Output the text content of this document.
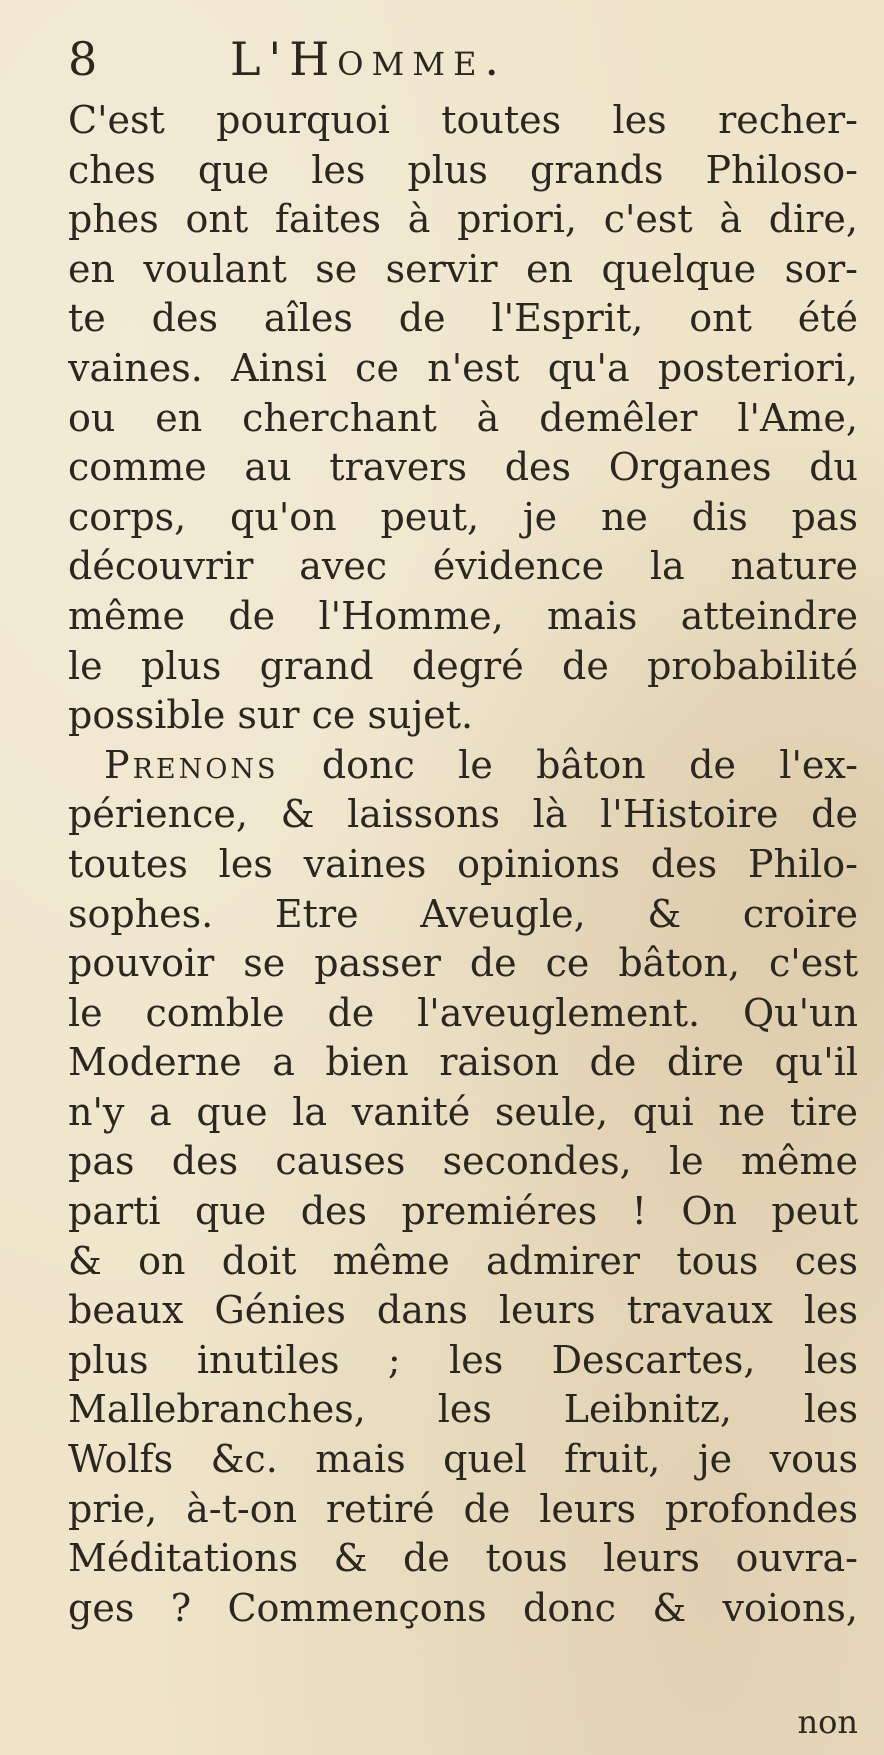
8	L'Homme.
C'est pourquoi toutes les recher-
ches que les plus grands Philoso-
phes ont faites à priori, c'est à dire,
en voulant se servir en quelque sor-
te des aîles de l'Esprit, ont été
vaines. Ainsi ce n'est qu'a posteriori,
ou en cherchant à demêler l'Ame,
comme au travers des Organes du
corps, qu'on peut, je ne dis pas
découvrir avec évidence la nature
même de l'Homme, mais atteindre
le plus grand degré de probabilité
possible sur ce sujet.
Prenons donc le bâton de l'ex-
périence, & laissons là l'Histoire de
toutes les vaines opinions des Philo-
sophes. Etre Aveugle, & croire
pouvoir se passer de ce bâton, c'est
le comble de l'aveuglement. Qu'un
Moderne a bien raison de dire qu'il
n'y a que la vanité seule, qui ne tire
pas des causes secondes, le même
parti que des premiéres ! On peut
& on doit même admirer tous ces
beaux Génies dans leurs travaux les
plus inutiles ; les Descartes, les
Mallebranches, les Leibnitz, les
Wolfs &c. mais quel fruit, je vous
prie, à-t-on retiré de leurs profondes
Méditations & de tous leurs ouvra-
ges ? Commençons donc & voions,
non
